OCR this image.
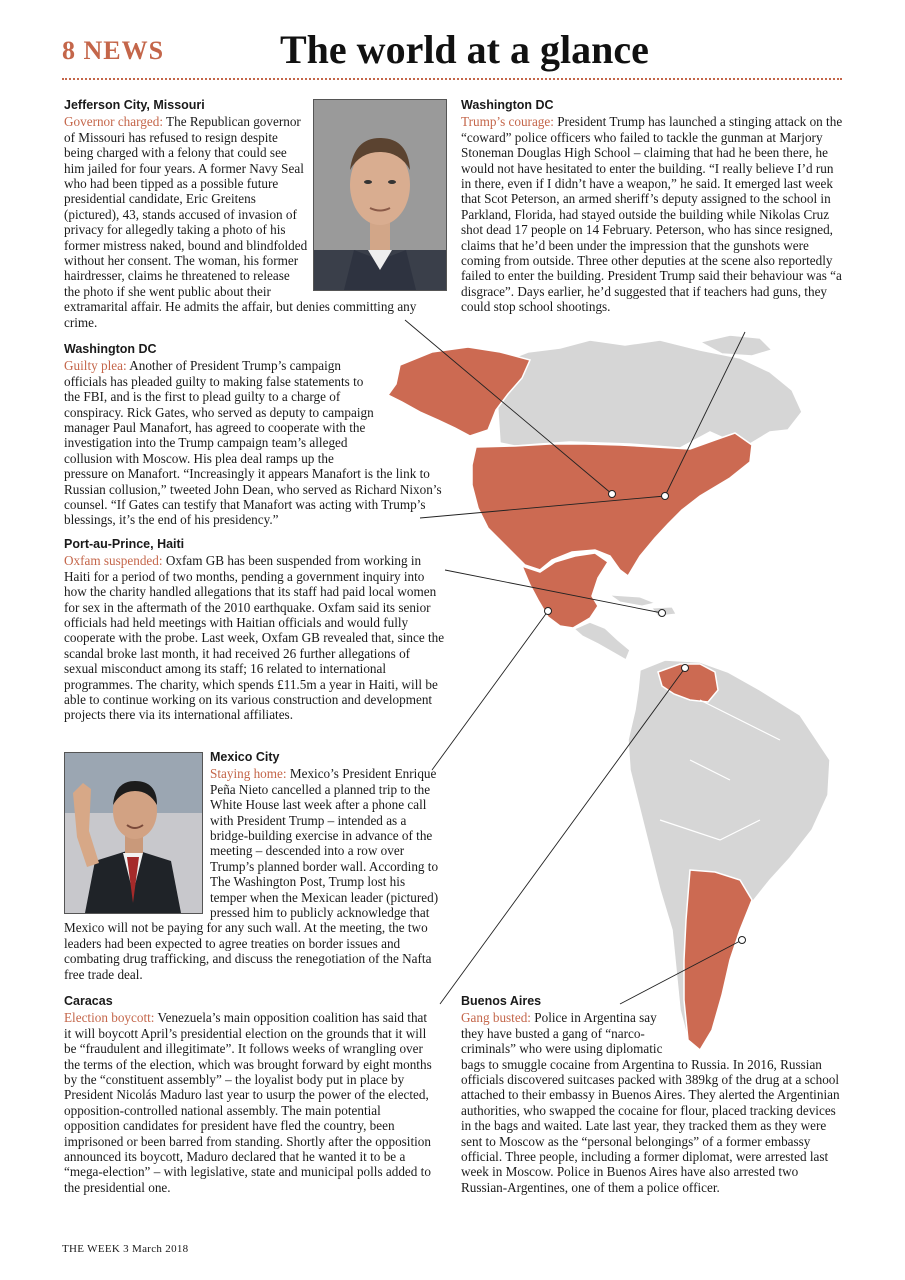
8 NEWS	The world at a glance
Jefferson City, Missouri
Governor charged: The Republican governor of Missouri has refused to resign despite being charged with a felony that could see him jailed for four years. A former Navy Seal who had been tipped as a possible future presidential candidate, Eric Greitens (pictured), 43, stands accused of invasion of privacy for allegedly taking a photo of his former mistress naked, bound and blindfolded without her consent. The woman, his former hairdresser, claims he threatened to release the photo if she went public about their extramarital affair. He admits the affair, but denies committing any crime.
Washington DC
Trump’s courage: President Trump has launched a stinging attack on the “coward” police officers who failed to tackle the gunman at Marjory Stoneman Douglas High School – claiming that had he been there, he would not have hesitated to enter the building. “I really believe I’d run in there, even if I didn’t have a weapon,” he said. It emerged last week that Scot Peterson, an armed sheriff’s deputy assigned to the school in Parkland, Florida, had stayed outside the building while Nikolas Cruz shot dead 17 people on 14 February. Peterson, who has since resigned, claims that he’d been under the impression that the gunshots were coming from outside. Three other deputies at the scene also reportedly failed to enter the building. President Trump said their behaviour was “a disgrace”. Days earlier, he’d suggested that if teachers had guns, they could stop school shootings.
Washington DC
Guilty plea: Another of President Trump’s campaign officials has pleaded guilty to making false statements to the FBI, and is the first to plead guilty to a charge of conspiracy. Rick Gates, who served as deputy to campaign manager Paul Manafort, has agreed to cooperate with the investigation into the Trump campaign team’s alleged collusion with Moscow. His plea deal ramps up the pressure on Manafort. “Increasingly it appears Manafort is the link to Russian collusion,” tweeted John Dean, who served as Richard Nixon’s counsel. “If Gates can testify that Manafort was acting with Trump’s blessings, it’s the end of his presidency.”
Port-au-Prince, Haiti
Oxfam suspended: Oxfam GB has been suspended from working in Haiti for a period of two months, pending a government inquiry into how the charity handled allegations that its staff had paid local women for sex in the aftermath of the 2010 earthquake. Oxfam said its senior officials had held meetings with Haitian officials and would fully cooperate with the probe. Last week, Oxfam GB revealed that, since the scandal broke last month, it had received 26 further allegations of sexual misconduct among its staff; 16 related to international programmes. The charity, which spends £11.5m a year in Haiti, will be able to continue working on its various construction and development projects there via its international affiliates.
Mexico City
Staying home: Mexico’s President Enrique Peña Nieto cancelled a planned trip to the White House last week after a phone call with President Trump – intended as a bridge-building exercise in advance of the meeting – descended into a row over Trump’s planned border wall. According to The Washington Post, Trump lost his temper when the Mexican leader (pictured) pressed him to publicly acknowledge that Mexico will not be paying for any such wall. At the meeting, the two leaders had been expected to agree treaties on border issues and combating drug trafficking, and discuss the renegotiation of the Nafta free trade deal.
Caracas
Election boycott: Venezuela’s main opposition coalition has said that it will boycott April’s presidential election on the grounds that it will be “fraudulent and illegitimate”. It follows weeks of wrangling over the terms of the election, which was brought forward by eight months by the “constituent assembly” – the loyalist body put in place by President Nicolás Maduro last year to usurp the power of the elected, opposition-controlled national assembly. The main potential opposition candidates for president have fled the country, been imprisoned or been barred from standing. Shortly after the opposition announced its boycott, Maduro declared that he wanted it to be a “mega-election” – with legislative, state and municipal polls added to the presidential one.
Buenos Aires
Gang busted: Police in Argentina say they have busted a gang of “narco-criminals” who were using diplomatic bags to smuggle cocaine from Argentina to Russia. In 2016, Russian officials discovered suitcases packed with 389kg of the drug at a school attached to their embassy in Buenos Aires. They alerted the Argentinian authorities, who swapped the cocaine for flour, placed tracking devices in the bags and waited. Late last year, they tracked them as they were sent to Moscow as the “personal belongings” of a former embassy official. Three people, including a former diplomat, were arrested last week in Moscow. Police in Buenos Aires have also arrested two Russian-Argentines, one of them a police officer.
THE WEEK 3 March 2018
